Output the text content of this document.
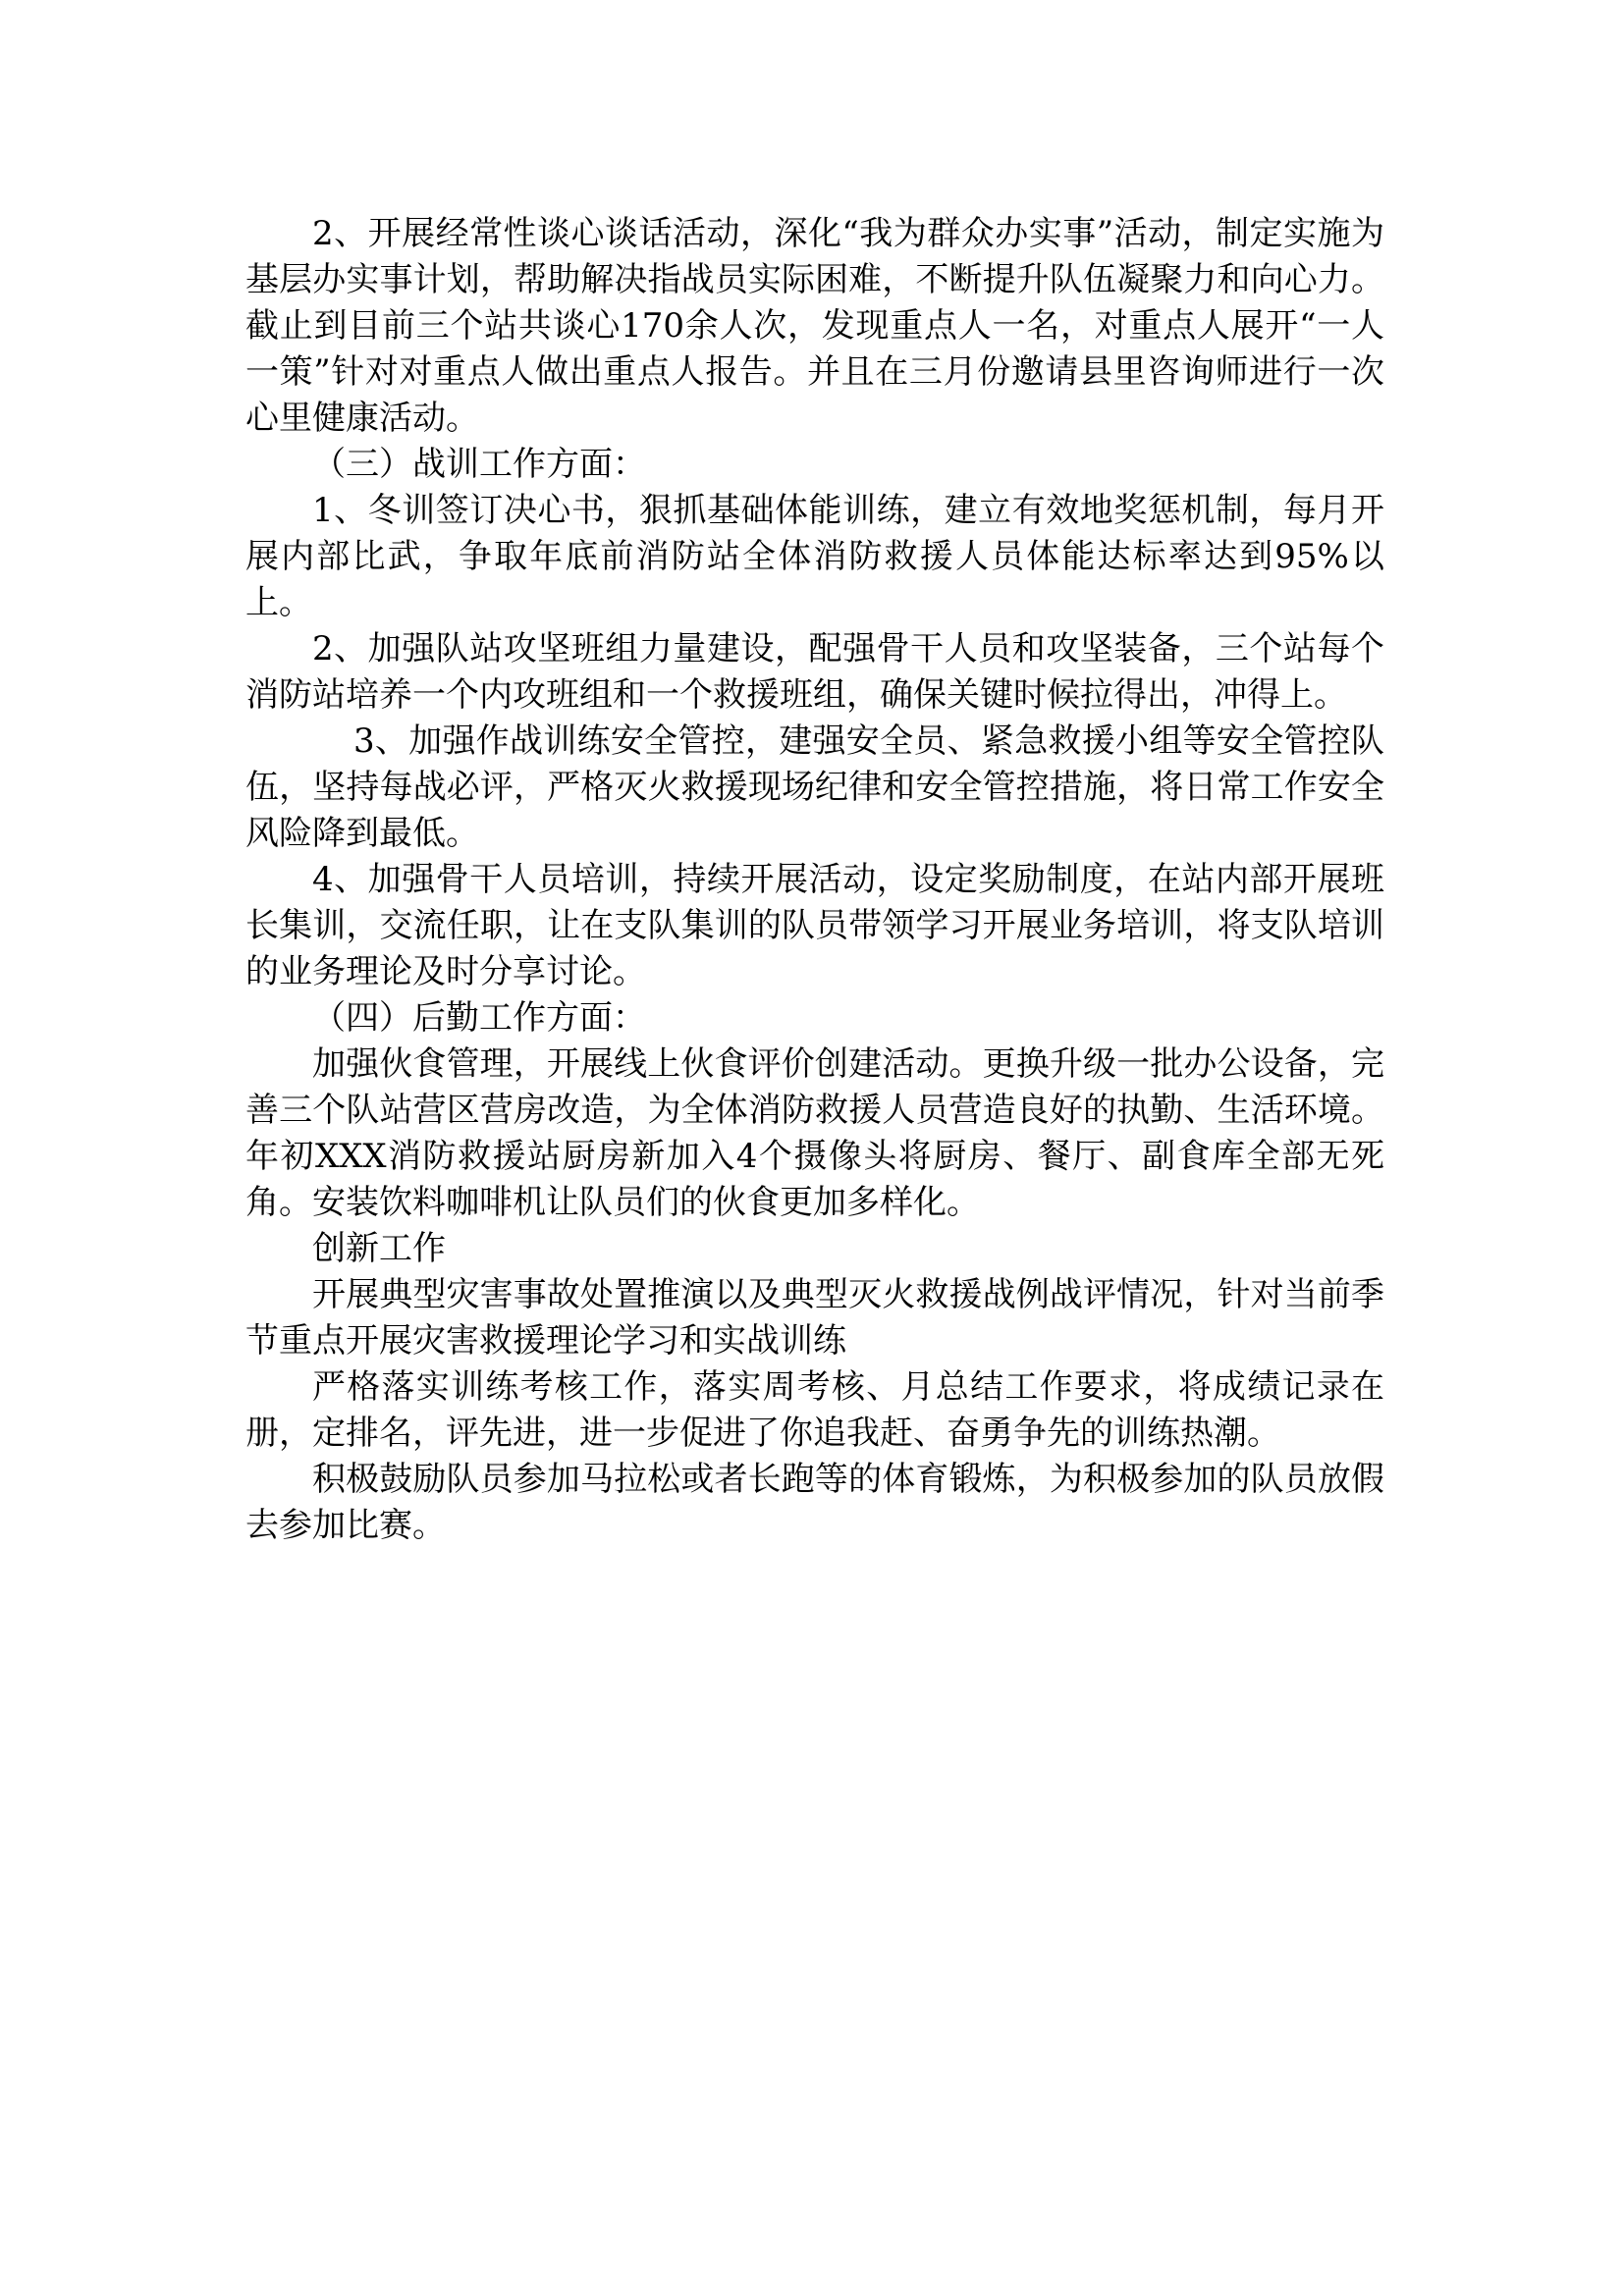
2、开展经常性谈心谈话活动，深化“我为群众办实事”活动，制定实施为基层办实事计划，帮助解决指战员实际困难，不断提升队伍凝聚力和向心力。截止到目前三个站共谈心170余人次，发现重点人一名，对重点人展开“一人一策”针对对重点人做出重点人报告。并且在三月份邀请县里咨询师进行一次心里健康活动。

（三）战训工作方面：

1、冬训签订决心书，狠抓基础体能训练，建立有效地奖惩机制，每月开展内部比武，争取年底前消防站全体消防救援人员体能达标率达到95%以上。

2、加强队站攻坚班组力量建设，配强骨干人员和攻坚装备，三个站每个消防站培养一个内攻班组和一个救援班组，确保关键时候拉得出，冲得上。

3、加强作战训练安全管控，建强安全员、紧急救援小组等安全管控队伍，坚持每战必评，严格灭火救援现场纪律和安全管控措施，将日常工作安全风险降到最低。

4、加强骨干人员培训，持续开展活动，设定奖励制度，在站内部开展班长集训，交流任职，让在支队集训的队员带领学习开展业务培训，将支队培训的业务理论及时分享讨论。

（四）后勤工作方面：

加强伙食管理，开展线上伙食评价创建活动。更换升级一批办公设备，完善三个队站营区营房改造，为全体消防救援人员营造良好的执勤、生活环境。年初XXX消防救援站厨房新加入4个摄像头将厨房、餐厅、副食库全部无死角。安装饮料咖啡机让队员们的伙食更加多样化。

创新工作

开展典型灾害事故处置推演以及典型灭火救援战例战评情况，针对当前季节重点开展灾害救援理论学习和实战训练

严格落实训练考核工作，落实周考核、月总结工作要求，将成绩记录在册，定排名，评先进，进一步促进了你追我赶、奋勇争先的训练热潮。

积极鼓励队员参加马拉松或者长跑等的体育锻炼，为积极参加的队员放假去参加比赛。
